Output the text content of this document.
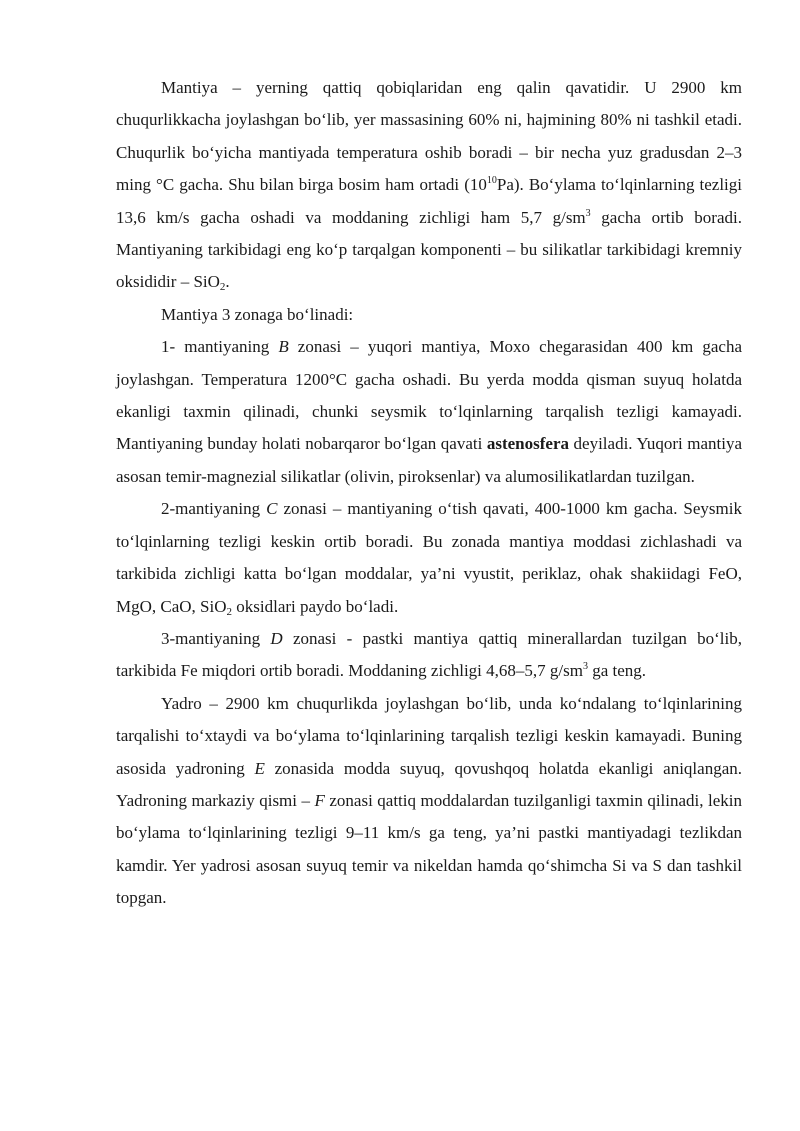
Mantiya – yerning qattiq qobiqlaridan eng qalin qavatidir. U 2900 km chuqurlikkacha joylashgan bo‘lib, yer massasining 60% ni, hajmining 80% ni tashkil etadi. Chuqurlik bo‘yicha mantiyada temperatura oshib boradi – bir necha yuz gradusdan 2–3 ming °C gacha. Shu bilan birga bosim ham ortadi $(10^{10}Pa)$. Bo‘ylama to‘lqinlarning tezligi 13,6 km/s gacha oshadi va moddaning zichligi ham 5,7 $g/sm^3$ gacha ortib boradi. Mantiyaning tarkibidagi eng ko‘p tarqalgan komponenti – bu silikatlar tarkibidagi kremniy oksididir – SiO$_2$.

Mantiya 3 zonaga bo‘linadi:

1- mantiyaning B zonasi – yuqori mantiya, Moxo chegarasidan 400 km gacha joylashgan. Temperatura 1200°C gacha oshadi. Bu yerda modda qisman suyuq holatda ekanligi taxmin qilinadi, chunki seysmik to‘lqinlarning tarqalish tezligi kamayadi. Mantiyaning bunday holati nobarqaror bo‘lgan qavati astenosfera deyiladi. Yuqori mantiya asosan temir-magnezial silikatlar (olivin, piroksenlar) va alumosilikatlardan tuzilgan.

2-mantiyaning C zonasi – mantiyaning o‘tish qavati, 400-1000 km gacha. Seysmik to‘lqinlarning tezligi keskin ortib boradi. Bu zonada mantiya moddasi zichlashadi va tarkibida zichligi katta bo‘lgan moddalar, ya’ni vyustit, periklaz, ohak shakiidagi FeO, MgO, CaO, SiO$_2$ oksidlari paydo bo‘ladi.

3-mantiyaning D zonasi - pastki mantiya qattiq minerallardan tuzilgan bo‘lib, tarkibida Fe miqdori ortib boradi. Moddaning zichligi 4,68–5,7 $g/sm^3$ ga teng.

Yadro – 2900 km chuqurlikda joylashgan bo‘lib, unda ko‘ndalang to‘lqinlarining tarqalishi to‘xtaydi va bo‘ylama to‘lqinlarining tarqalish tezligi keskin kamayadi. Buning asosida yadroning E zonasida modda suyuq, qovushqoq holatda ekanligi aniqlangan. Yadroning markaziy qismi – F zonasi qattiq moddalardan tuzilganligi taxmin qilinadi, lekin bo‘ylama to‘lqinlarining tezligi 9–11 km/s ga teng, ya’ni pastki mantiyadagi tezlikdan kamdir. Yer yadrosi asosan suyuq temir va nikeldan hamda qo‘shimcha Si va S dan tashkil topgan.
